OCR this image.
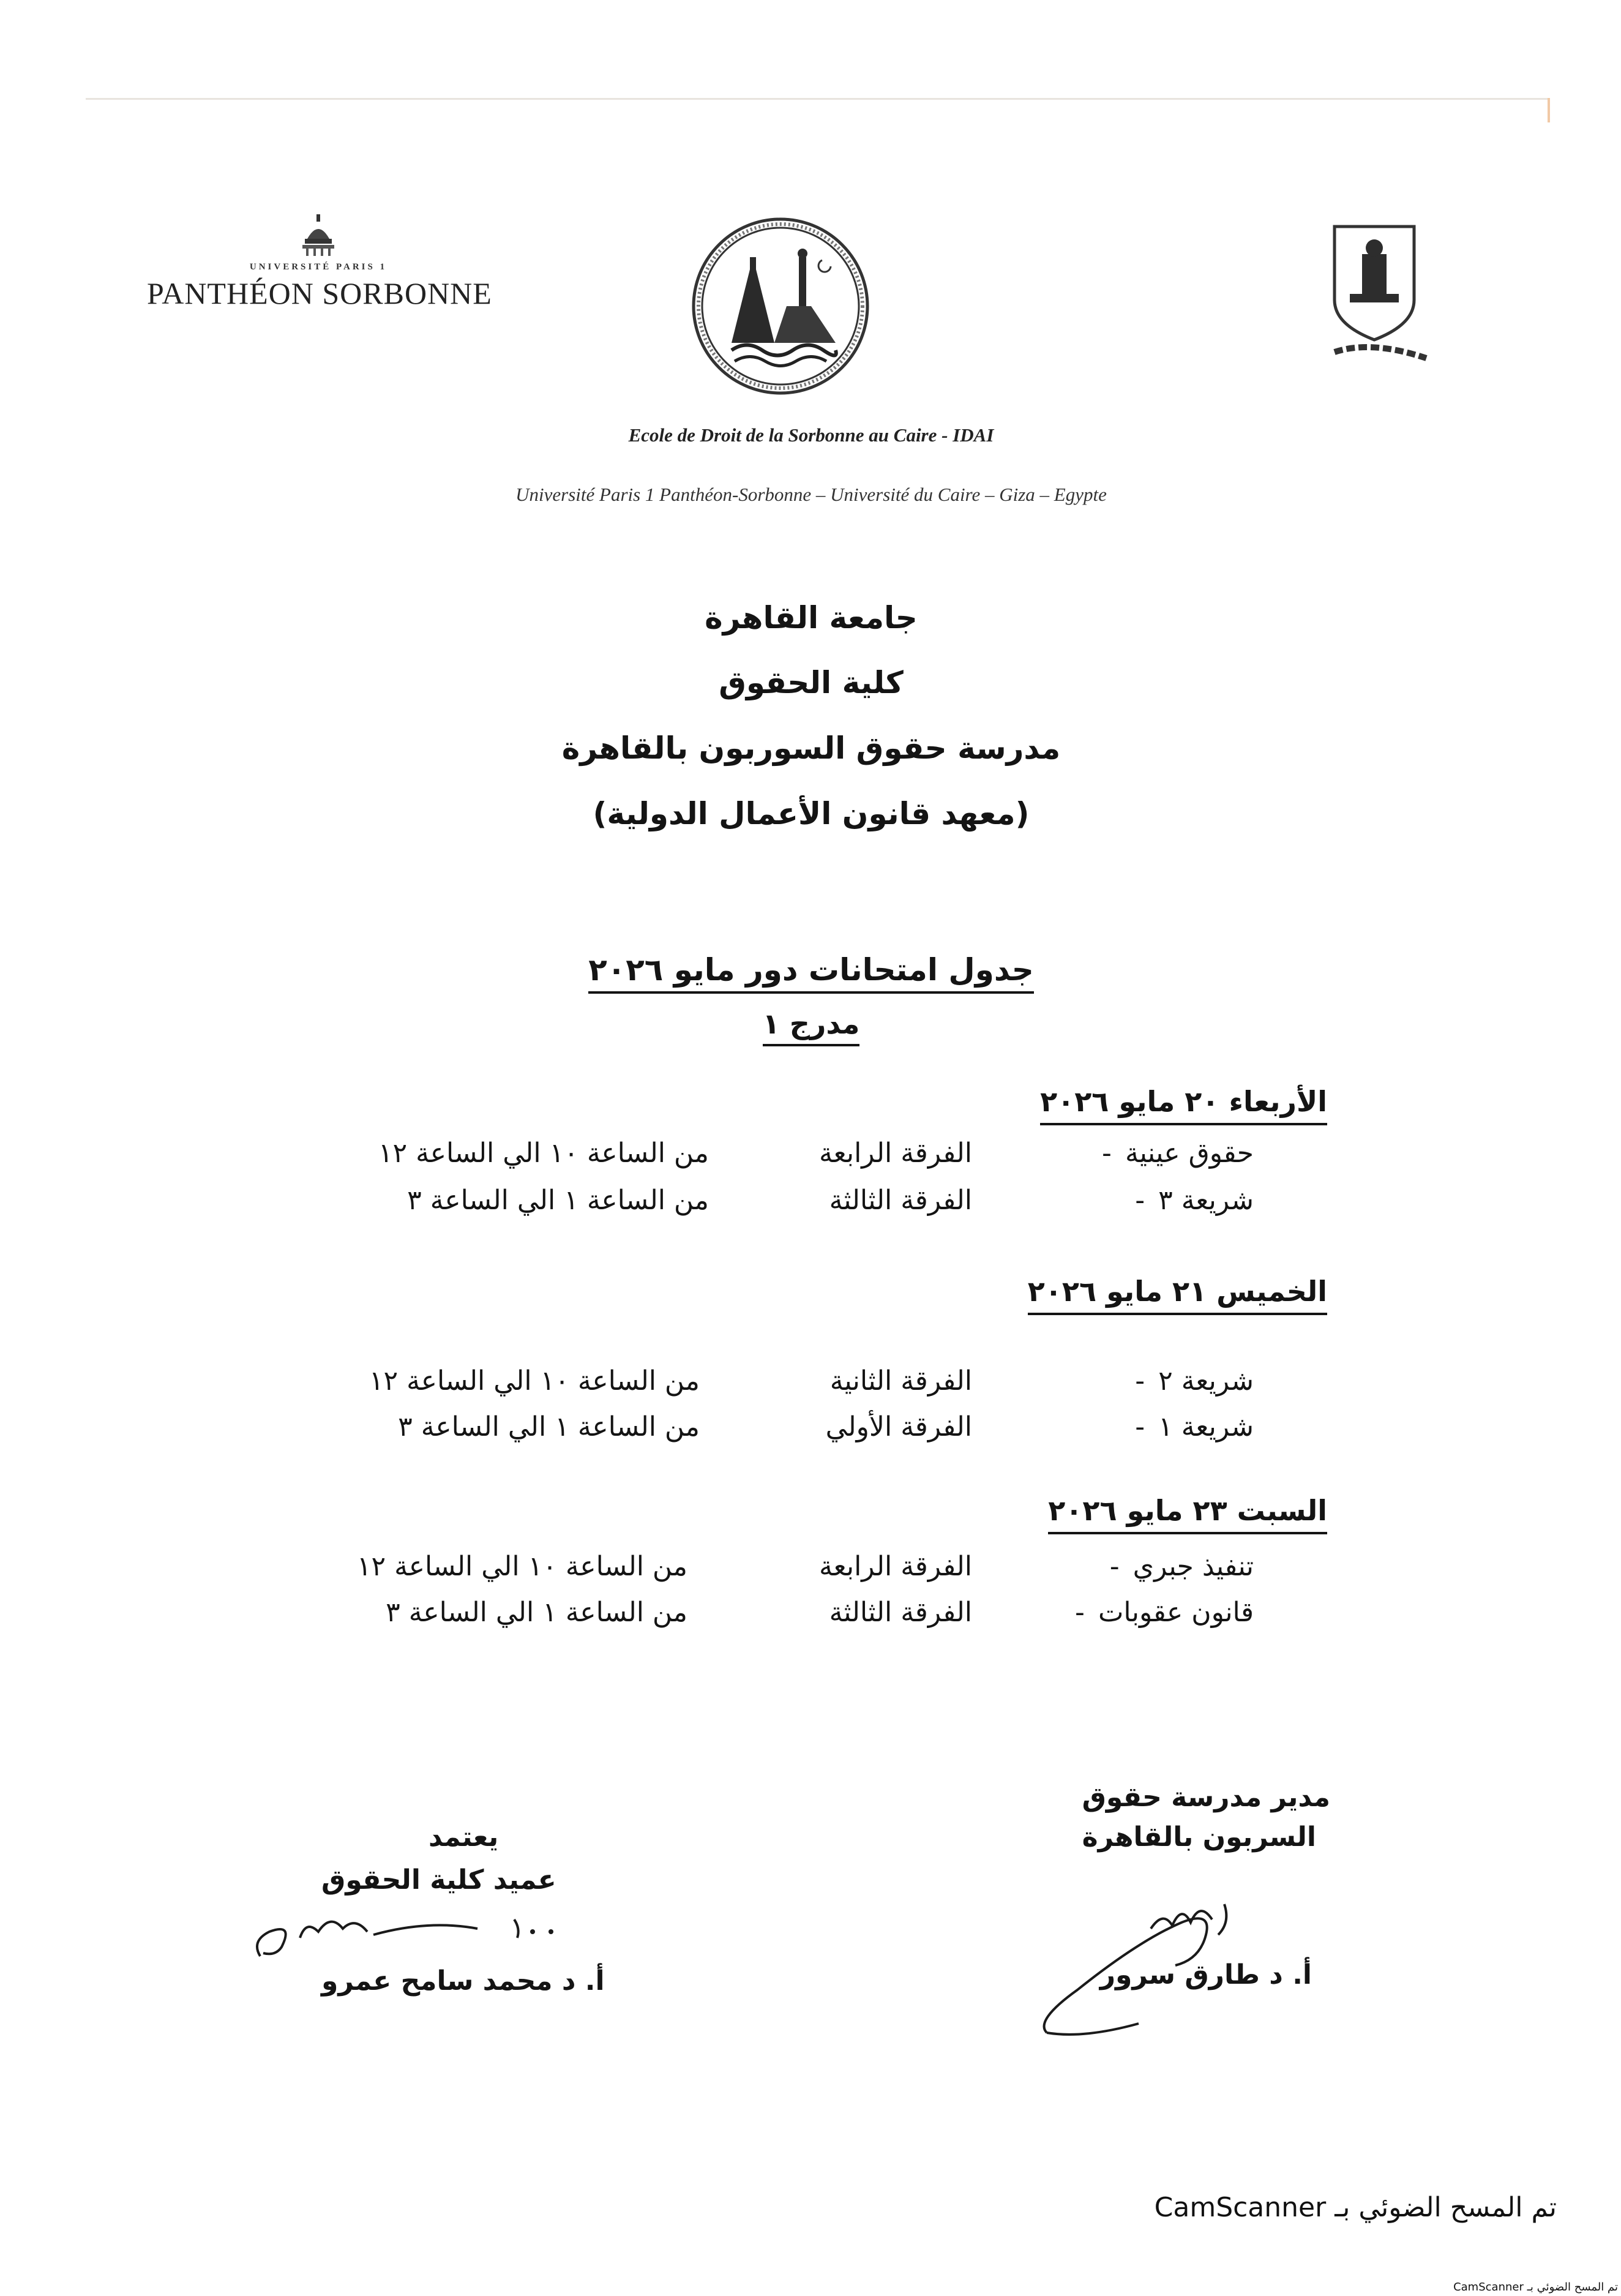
UNIVERSITÉ PARIS 1
PANTHÉON SORBONNE
Ecole de Droit de la Sorbonne au Caire - IDAI
Université Paris 1 Panthéon-Sorbonne – Université du Caire – Giza – Egypte
جامعة القاهرة
كلية الحقوق
مدرسة حقوق السوربون بالقاهرة
(معهد قانون الأعمال الدولية)
جدول امتحانات دور مايو ٢٠٢٦
مدرج ١
الأربعاء ٢٠ مايو ٢٠٢٦
حقوق عينية-
الفرقة الرابعة
من الساعة ١٠ الي الساعة ١٢
شريعة ٣-
الفرقة الثالثة
من الساعة ١ الي الساعة ٣
الخميس ٢١ مايو ٢٠٢٦
شريعة ٢-
الفرقة الثانية
من الساعة ١٠ الي الساعة ١٢
شريعة ١-
الفرقة الأولي
من الساعة ١ الي الساعة ٣
السبت ٢٣ مايو ٢٠٢٦
تنفيذ جبري-
الفرقة الرابعة
من الساعة ١٠ الي الساعة ١٢
قانون عقوبات-
الفرقة الثالثة
من الساعة ١ الي الساعة ٣
مدير مدرسة حقوق
السربون بالقاهرة
أ. د طارق سرور
يعتمد
عميد كلية الحقوق
أ. د محمد سامح عمرو
تم المسح الضوئي بـ CamScanner
تم المسح الضوئي بـ CamScanner
